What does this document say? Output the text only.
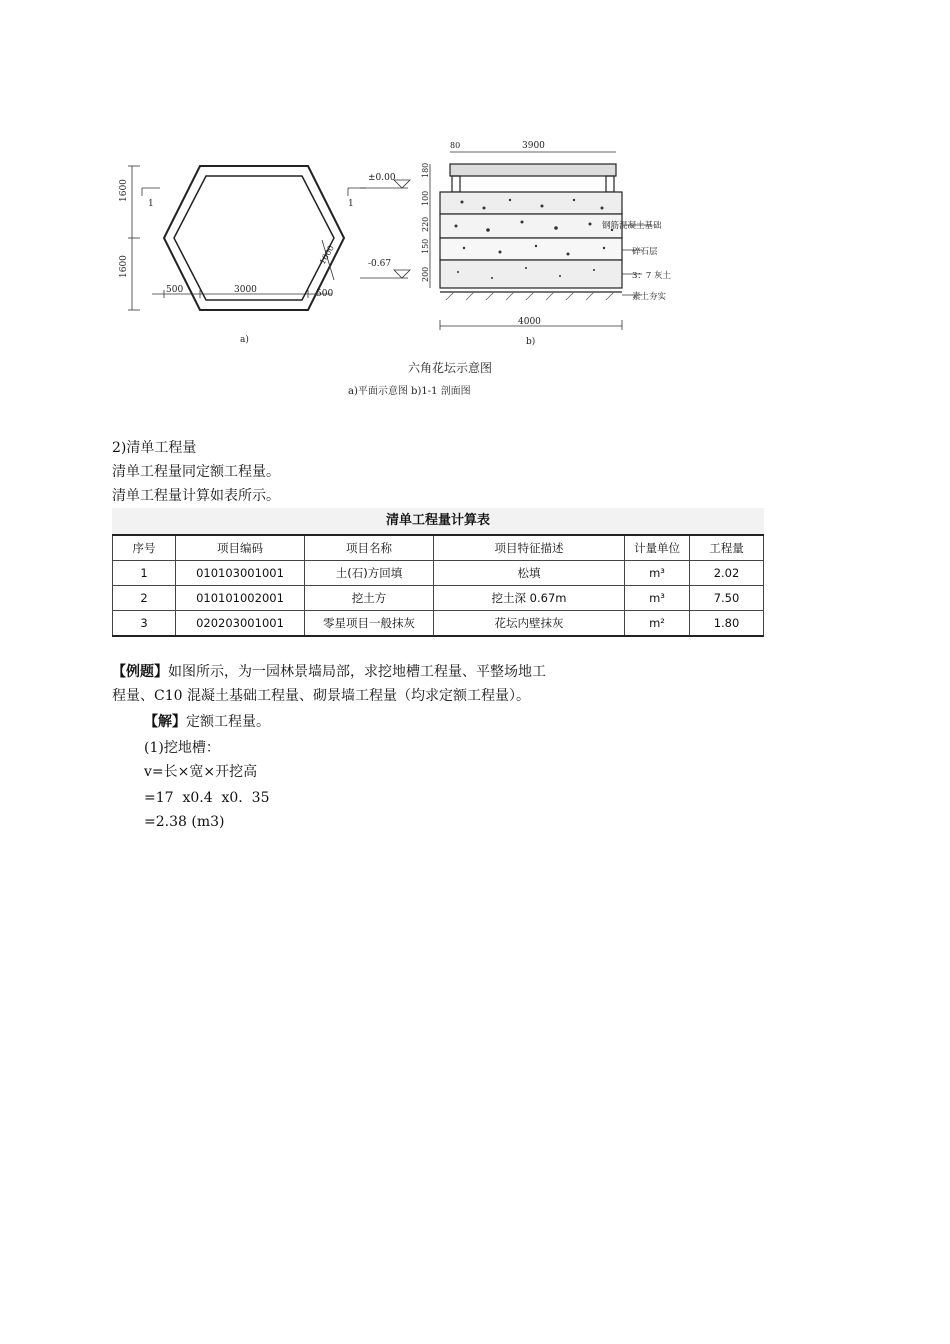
1600
1600
500	3000	500
1600
1	1
a)
±0.00
-0.67
80	3900
4000
180
100
220
150
200
钢筋混凝土基础
碎石层
3：7 灰土
素土夯实
b)
六角花坛示意图
a)平面示意图 b)1-1 剖面图
2)清单工程量
清单工程量同定额工程量。
清单工程量计算如表所示。
清单工程量计算表
序号	项目编码	项目名称	项目特征描述	计量单位	工程量
1	010103001001	土(石)方回填	松填	m³	2.02
2	010101002001	挖土方	挖土深 0.67m	m³	7.50
3	020203001001	零星项目一般抹灰	花坛内壁抹灰	m²	1.80
【例题】如图所示，为一园林景墙局部，求挖地槽工程量、平整场地工
程量、C10 混凝土基础工程量、砌景墙工程量（均求定额工程量）。
【解】定额工程量。
(1)挖地槽：
v=长×宽×开挖高
=17  x0.4  x0.  35
=2.38 (m3)
